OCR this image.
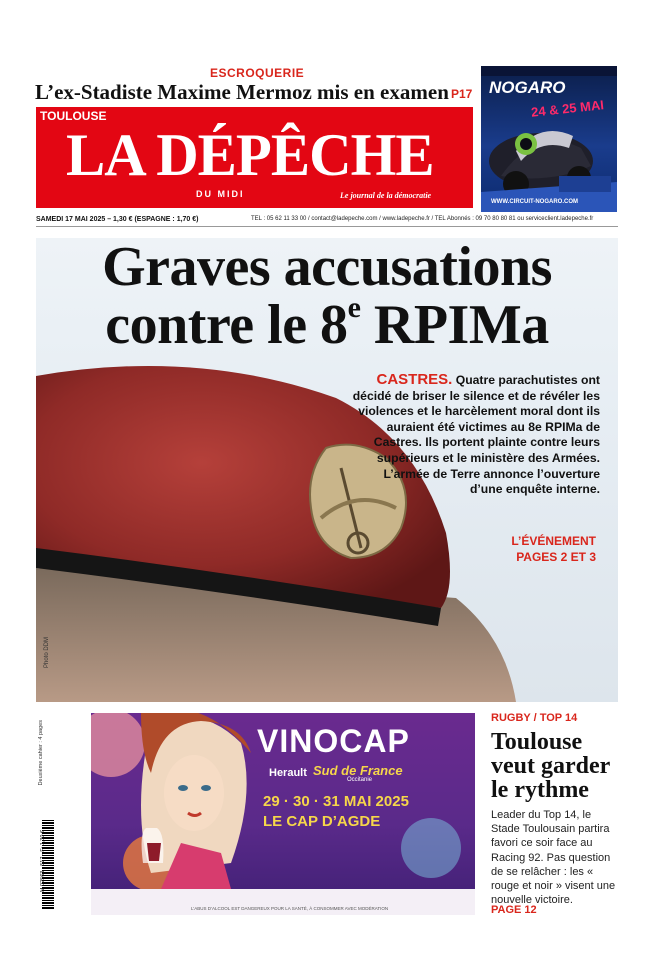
ESCROQUERIE
L’ex-Stadiste Maxime Mermoz mis en examen P17
TOULOUSE
LA DÉPÊCHE
DU MIDI	Le journal de la démocratie
NOGARO
24 & 25 MAI
WWW.CIRCUIT-NOGARO.COM
SAMEDI 17 MAI 2025 – 1,30 € (ESPAGNE : 1,70 €)	TEL : 05 62 11 33 00 / contact@ladepeche.com / www.ladepeche.fr / TEL Abonnés : 09 70 80 80 81 ou serviceclient.ladepeche.fr
Graves accusations
contre le 8e RPIMa
CASTRES. Quatre parachutistes ont décidé de briser le silence et de révéler les violences et le harcèlement moral dont ils auraient été victimes au 8e RPIMa de Castres. Ils portent plainte contre leurs supérieurs et le ministère des Armées. L’armée de Terre annonce l’ouverture d’une enquête interne.
L’ÉVÉNEMENT
PAGES 2 ET 3
Photo DDM
Deuxième cahier : 4 pages
M 02563 - 517 - F: 1,30 €
VINOCAP
Herault Sud de France
Occitanie
29 · 30 · 31 MAI 2025
LE CAP D’AGDE
L’ABUS D’ALCOOL EST DANGEREUX POUR LA SANTÉ, À CONSOMMER AVEC MODÉRATION
RUGBY / TOP 14
Toulouse veut garder le rythme
Leader du Top 14, le Stade Toulousain partira favori ce soir face au Racing 92. Pas question de se relâcher : les « rouge et noir » visent une nouvelle victoire.
PAGE 12
